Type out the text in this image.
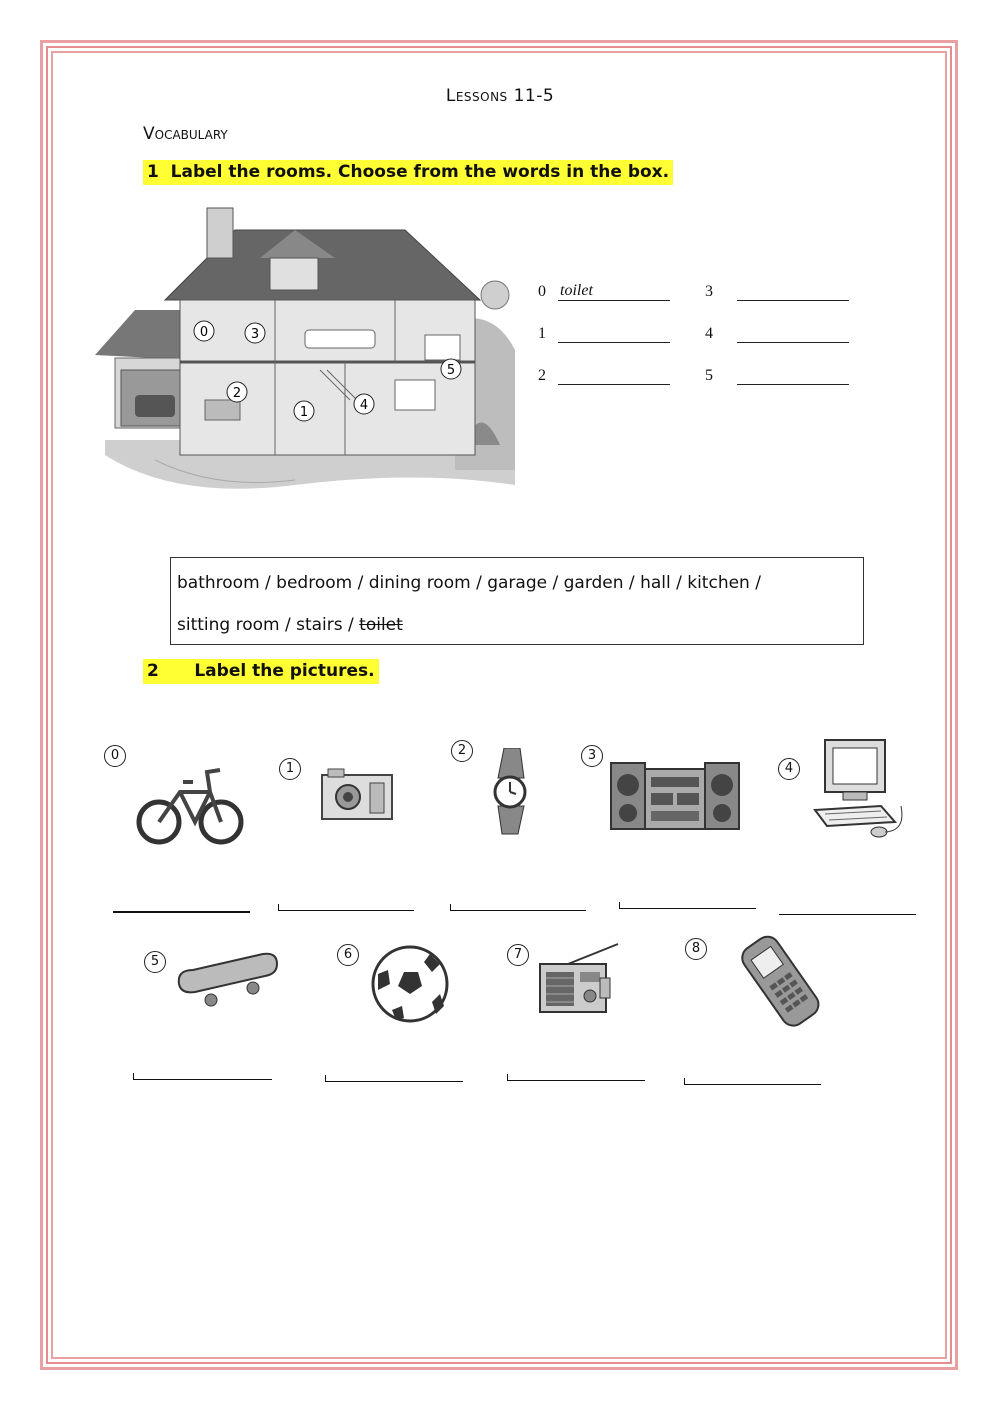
Lessons 11-5
Vocabulary
1  Label the rooms. Choose from the words in the box.
0	3
2
1	4
5
0 toilet
1
2
3
4
5
bathroom / bedroom / dining room / garage / garden / hall / kitchen /
sitting room / stairs / toilet
2      Label the pictures.
0
1
2	3
4
5	6	7	8
